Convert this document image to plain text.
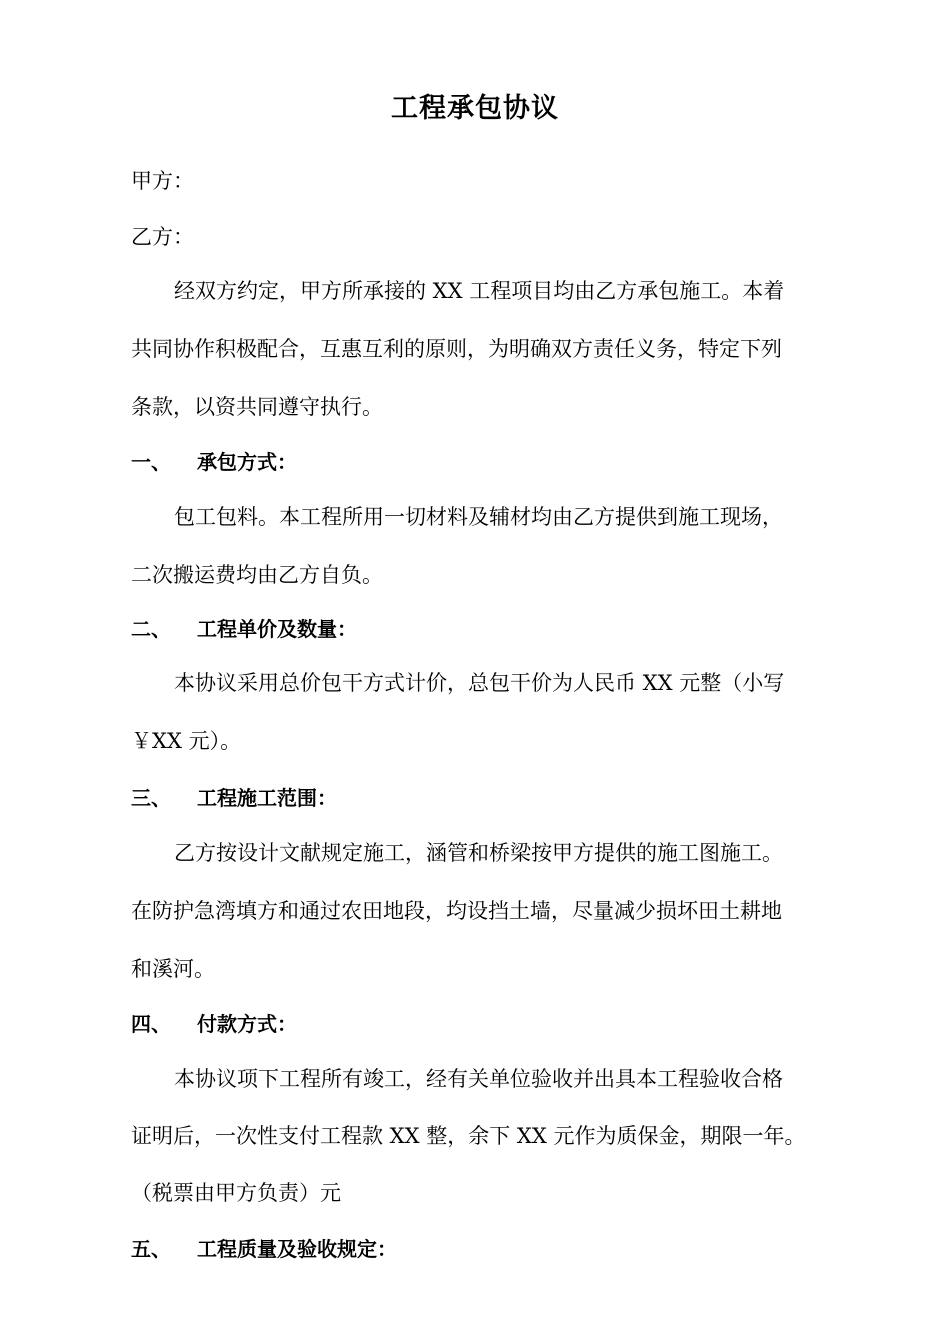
工程承包协议

甲方：

乙方：

经双方约定，甲方所承接的 XX 工程项目均由乙方承包施工。本着

共同协作积极配合，互惠互利的原则，为明确双方责任义务，特定下列

条款，以资共同遵守执行。

一、 承包方式：

包工包料。本工程所用一切材料及辅材均由乙方提供到施工现场，

二次搬运费均由乙方自负。

二、 工程单价及数量：

本协议采用总价包干方式计价，总包干价为人民币 XX 元整（小写

￥XX 元）。

三、 工程施工范围：

乙方按设计文献规定施工，涵管和桥梁按甲方提供的施工图施工。

在防护急湾填方和通过农田地段，均设挡土墙，尽量减少损坏田土耕地

和溪河。

四、 付款方式：

本协议项下工程所有竣工，经有关单位验收并出具本工程验收合格

证明后，一次性支付工程款 XX 整，余下 XX 元作为质保金，期限一年。

（税票由甲方负责）元

五、 工程质量及验收规定：
